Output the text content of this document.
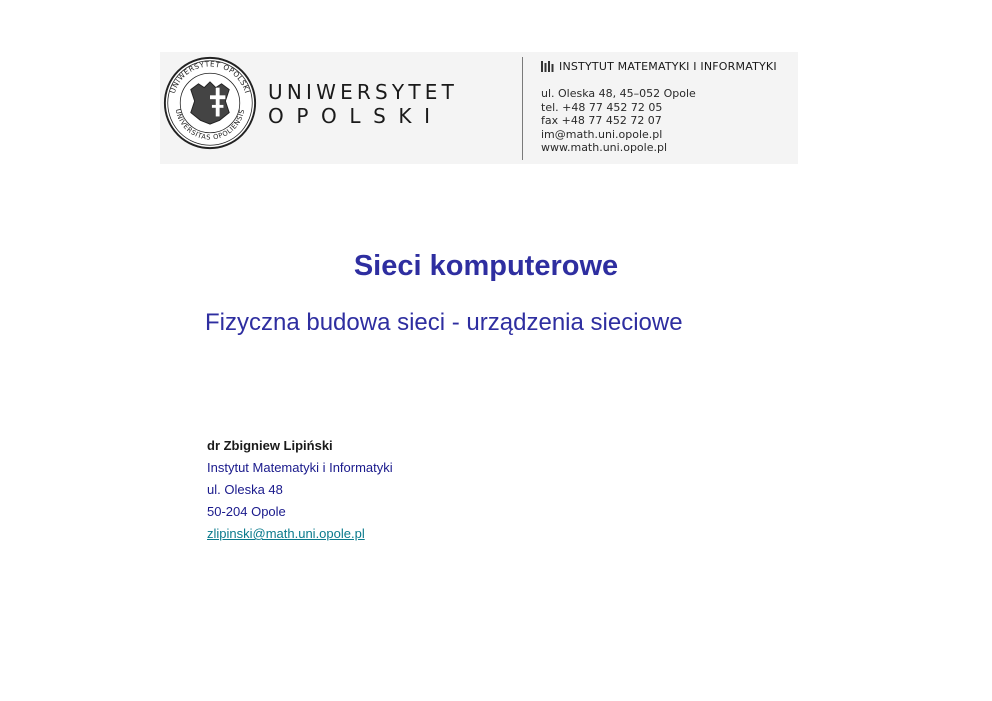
UNIWERSYTET OPOLSKI
UNIVERSITAS OPOLIENSIS
UNIWERSYTET
OPOLSKI
INSTYTUT MATEMATYKI I INFORMATYKI
ul. Oleska 48, 45–052 Opole
tel. +48 77 452 72 05
fax +48 77 452 72 07
im@math.uni.opole.pl
www.math.uni.opole.pl
Sieci komputerowe
Fizyczna budowa sieci - urządzenia sieciowe
dr Zbigniew Lipiński
Instytut Matematyki i Informatyki
ul. Oleska 48
50-204 Opole
zlipinski@math.uni.opole.pl
